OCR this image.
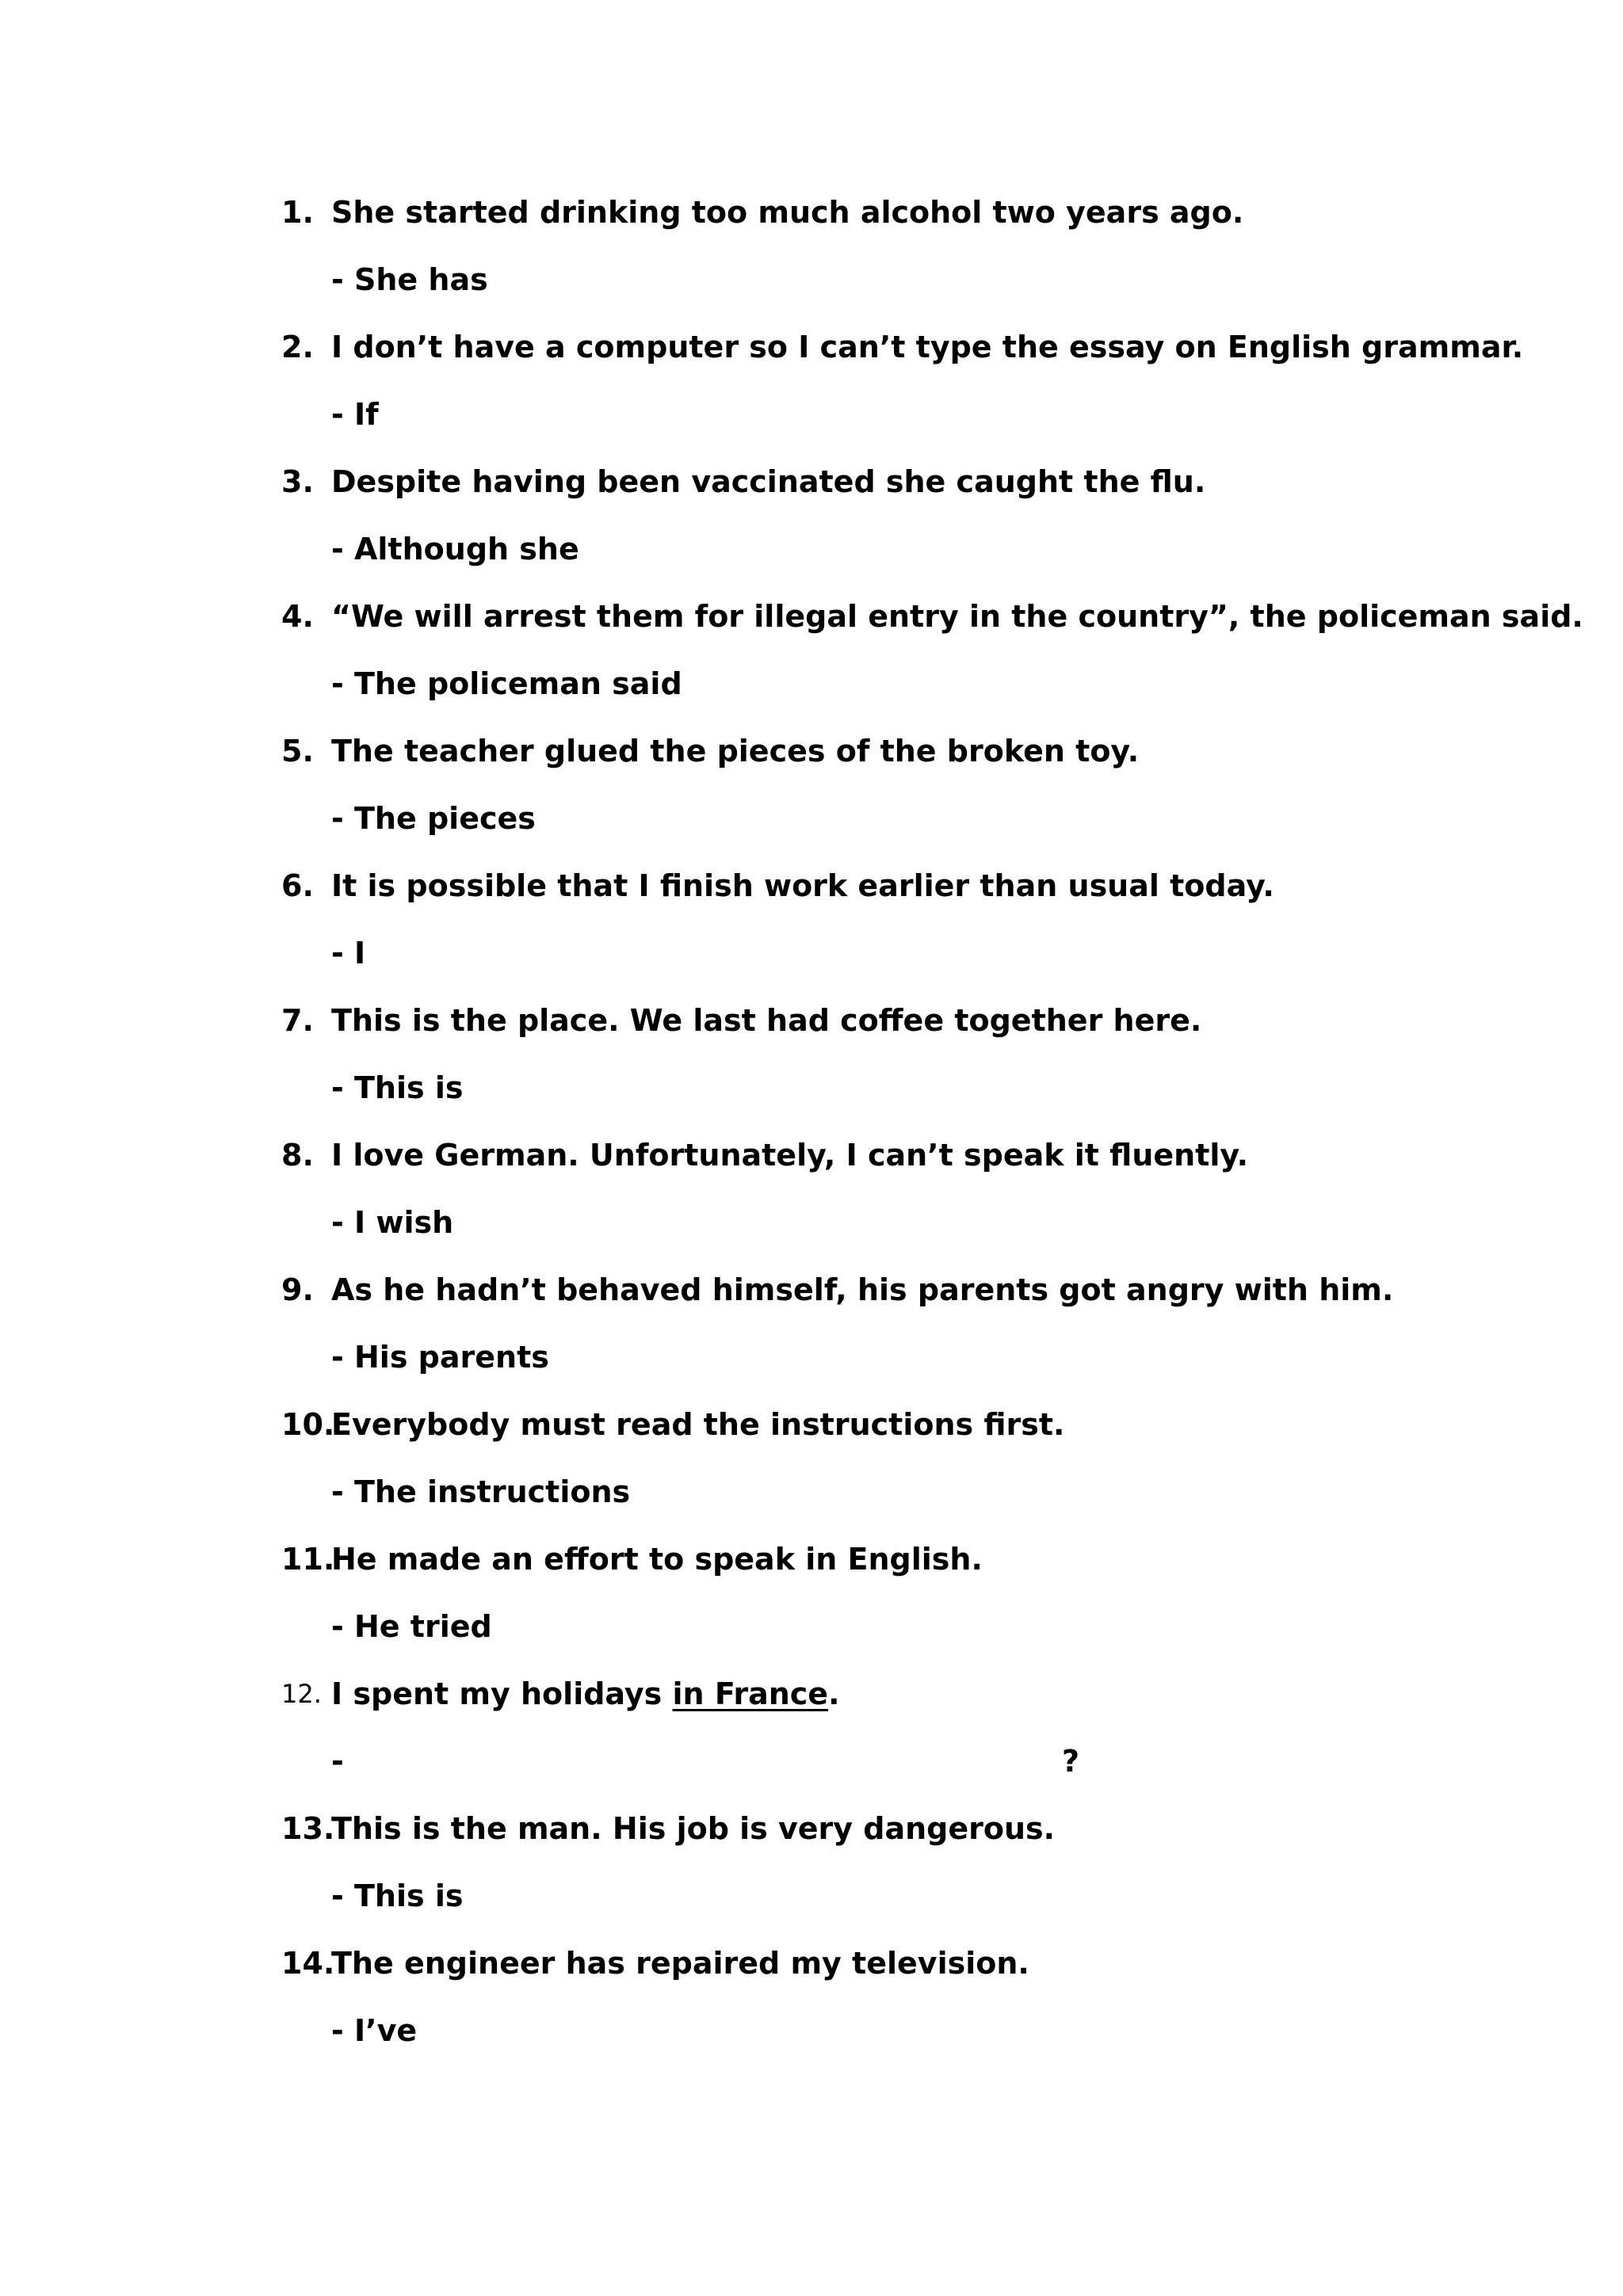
1. She started drinking too much alcohol two years ago.
- She has
2. I don’t have a computer so I can’t type the essay on English grammar.
- If
3. Despite having been vaccinated she caught the flu.
- Although she
4. “We will arrest them for illegal entry in the country”, the policeman said.
- The policeman said
5. The teacher glued the pieces of the broken toy.
- The pieces
6. It is possible that I finish work earlier than usual today.
- I
7. This is the place. We last had coffee together here.
- This is
8. I love German. Unfortunately, I can’t speak it fluently.
- I wish
9. As he hadn’t behaved himself, his parents got angry with him.
- His parents
10.
Everybody must read the instructions first.
- The instructions
11.
He made an effort to speak in English.
- He tried
12. I spent my holidays in France.
-	?
13.
This is the man. His job is very dangerous.
- This is
14.
The engineer has repaired my television.
- I’ve
